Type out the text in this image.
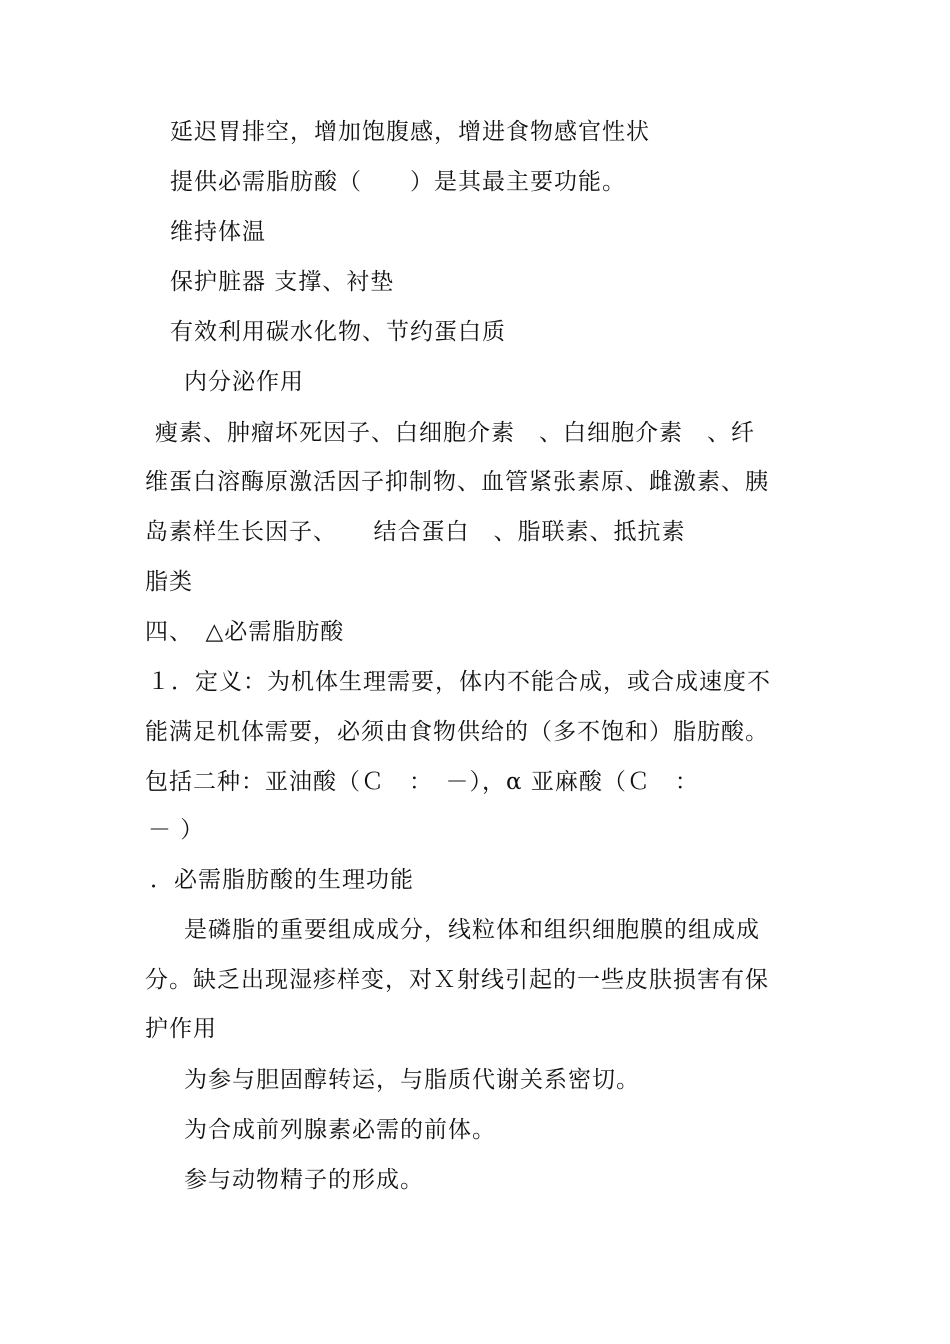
延迟胃排空，增加饱腹感，增进食物感官性状
提供必需脂肪酸（　　）是其最主要功能。
维持体温
保护脏器 支撑、衬垫
有效利用碳水化物、节约蛋白质
内分泌作用
瘦素、肿瘤坏死因子、白细胞介素　、白细胞介素　、纤
维蛋白溶酶原激活因子抑制物、血管紧张素原、雌激素、胰
岛素样生长因子、　　结合蛋白　、脂联素、抵抗素
脂类
四、　△必需脂肪酸
１．定义：为机体生理需要，体内不能合成，或合成速度不
能满足机体需要，必须由食物供给的（多不饱和）脂肪酸。
包括二种：亚油酸（Ｃ　：　－），α 亚麻酸（Ｃ　：
－ ）
．必需脂肪酸的生理功能
是磷脂的重要组成成分，线粒体和组织细胞膜的组成成
分。缺乏出现湿疹样变，对Ｘ射线引起的一些皮肤损害有保
护作用
为参与胆固醇转运，与脂质代谢关系密切。
为合成前列腺素必需的前体。
参与动物精子的形成。
